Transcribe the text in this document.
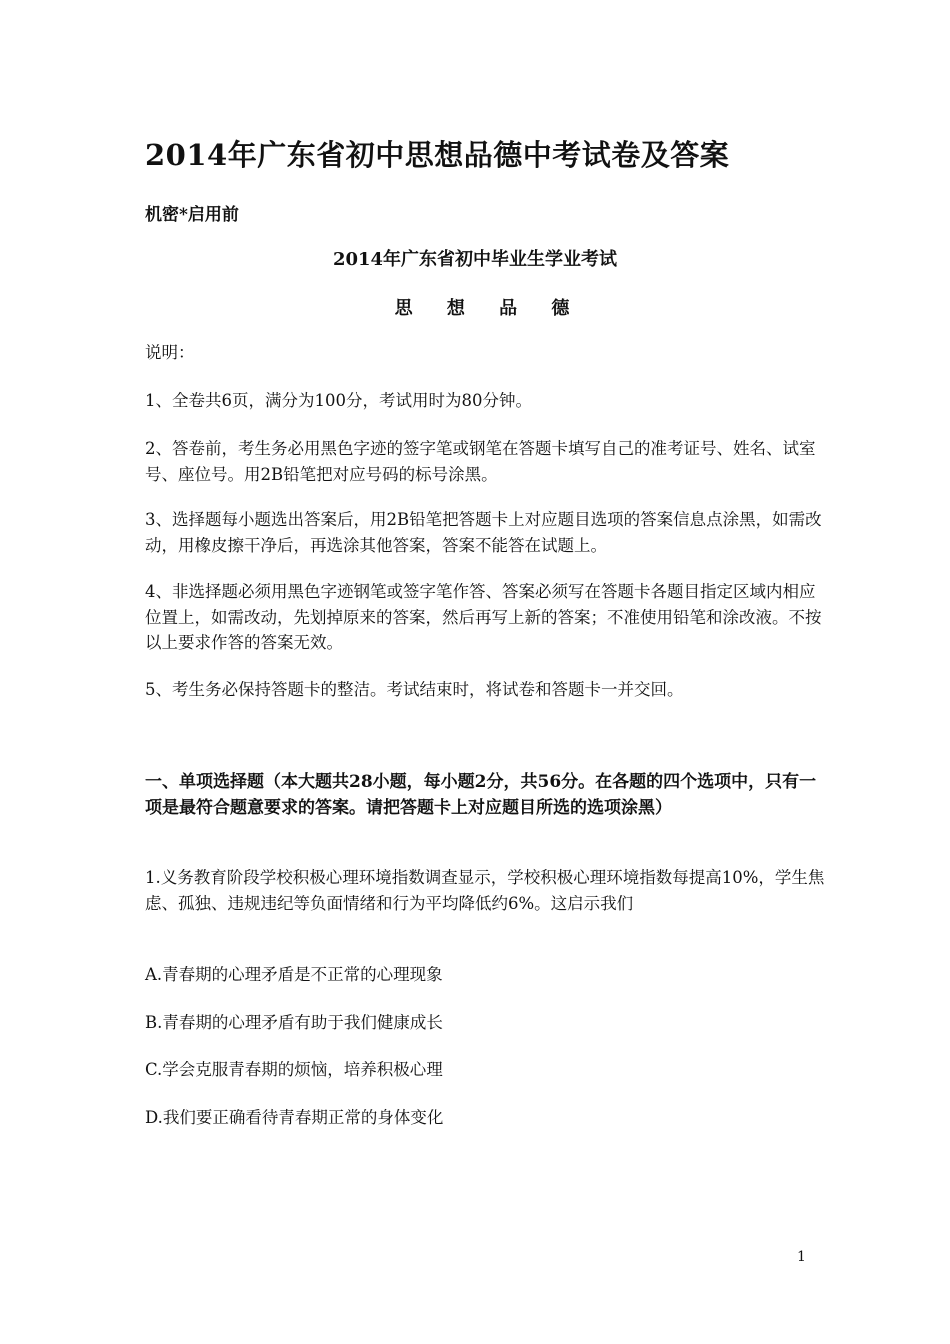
2014年广东省初中思想品德中考试卷及答案
机密*启用前
2014年广东省初中毕业生学业考试
思 想 品 德
说明：
1、全卷共6页，满分为100分，考试用时为80分钟。
2、答卷前，考生务必用黑色字迹的签字笔或钢笔在答题卡填写自己的准考证号、姓名、试室号、座位号。用2B铅笔把对应号码的标号涂黑。
3、选择题每小题选出答案后，用2B铅笔把答题卡上对应题目选项的答案信息点涂黑，如需改动，用橡皮擦干净后，再选涂其他答案，答案不能答在试题上。
4、非选择题必须用黑色字迹钢笔或签字笔作答、答案必须写在答题卡各题目指定区域内相应位置上，如需改动，先划掉原来的答案，然后再写上新的答案；不准使用铅笔和涂改液。不按以上要求作答的答案无效。
5、考生务必保持答题卡的整洁。考试结束时，将试卷和答题卡一并交回。
一、单项选择题（本大题共28小题，每小题2分，共56分。在各题的四个选项中，只有一项是最符合题意要求的答案。请把答题卡上对应题目所选的选项涂黑）
1.义务教育阶段学校积极心理环境指数调查显示，学校积极心理环境指数每提高10%，学生焦虑、孤独、违规违纪等负面情绪和行为平均降低约6%。这启示我们
A.青春期的心理矛盾是不正常的心理现象
B.青春期的心理矛盾有助于我们健康成长
C.学会克服青春期的烦恼，培养积极心理
D.我们要正确看待青春期正常的身体变化
1
